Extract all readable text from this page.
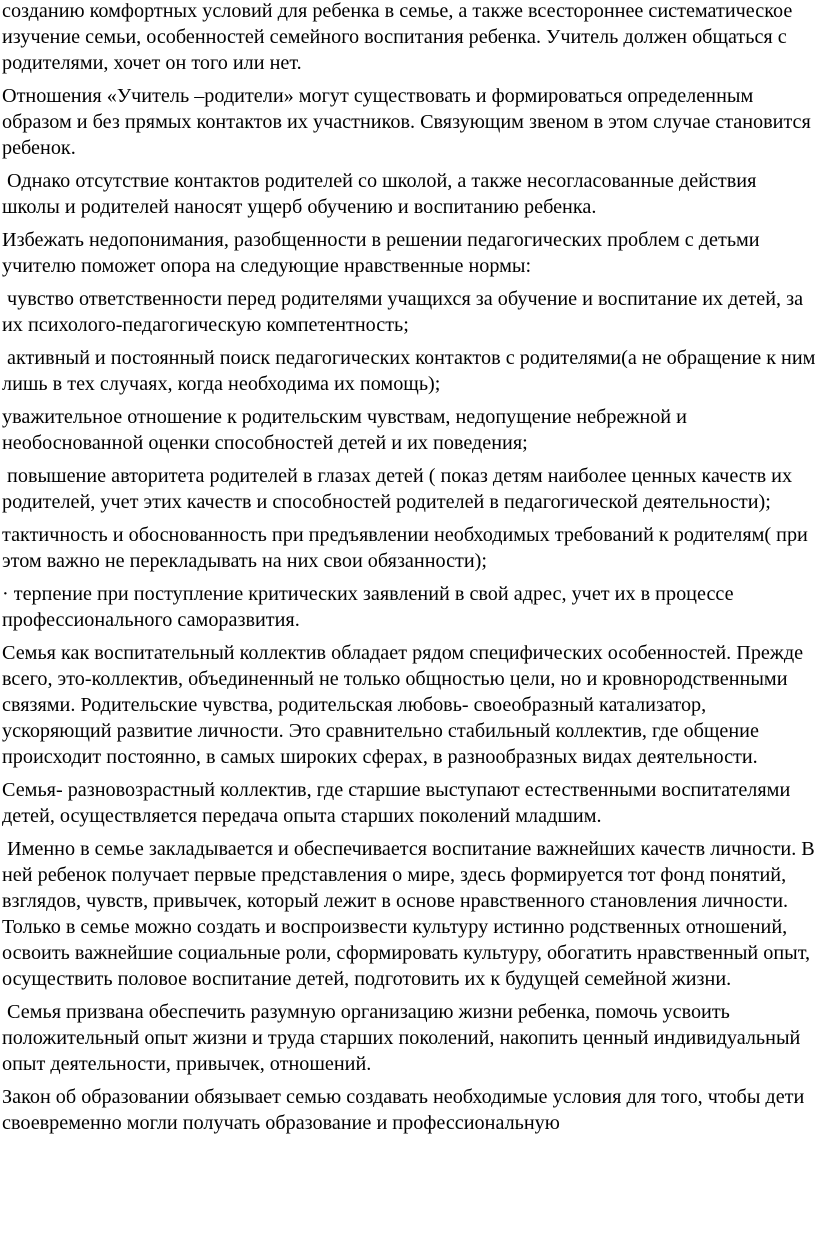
созданию комфортных условий для ребенка в семье, а также всестороннее систематическое изучение семьи, особенностей семейного воспитания ребенка. Учитель должен общаться с родителями, хочет он того или нет.

Отношения «Учитель –родители» могут существовать и формироваться определенным образом и без прямых контактов их участников. Связующим звеном в этом случае становится ребенок.

Однако отсутствие контактов родителей со школой, а также несогласованные действия школы и родителей наносят ущерб обучению и воспитанию ребенка.

Избежать недопонимания, разобщенности в решении педагогических проблем с детьми учителю поможет опора на следующие нравственные нормы:

чувство ответственности перед родителями учащихся за обучение и воспитание их детей, за их психолого-педагогическую компетентность;

активный и постоянный поиск педагогических контактов с родителями(а не обращение к ним лишь в тех случаях, когда необходима их помощь);

уважительное отношение к родительским чувствам, недопущение небрежной и необоснованной оценки способностей детей и их поведения;

повышение авторитета родителей в глазах детей ( показ детям наиболее ценных качеств их родителей, учет этих качеств и способностей родителей в педагогической деятельности);

тактичность и обоснованность при предъявлении необходимых требований к родителям( при этом важно не перекладывать на них свои обязанности);

· терпение при поступление критических заявлений в свой адрес, учет их в процессе профессионального саморазвития.

Семья как воспитательный коллектив обладает рядом специфических особенностей. Прежде всего, это-коллектив, объединенный не только общностью цели, но и кровнородственными связями. Родительские чувства, родительская любовь- своеобразный катализатор, ускоряющий развитие личности. Это сравнительно стабильный коллектив, где общение происходит постоянно, в самых широких сферах, в разнообразных видах деятельности.

Семья- разновозрастный коллектив, где старшие выступают естественными воспитателями детей, осуществляется передача опыта старших поколений младшим.

Именно в семье закладывается и обеспечивается воспитание важнейших качеств личности. В ней ребенок получает первые представления о мире, здесь формируется тот фонд понятий, взглядов, чувств, привычек, который лежит в основе нравственного становления личности. Только в семье можно создать и воспроизвести культуру истинно родственных отношений, освоить важнейшие социальные роли, сформировать культуру, обогатить нравственный опыт, осуществить половое воспитание детей, подготовить их к будущей семейной жизни.

Семья призвана обеспечить разумную организацию жизни ребенка, помочь усвоить положительный опыт жизни и труда старших поколений, накопить ценный индивидуальный опыт деятельности, привычек, отношений.

Закон об образовании обязывает семью создавать необходимые условия для того, чтобы дети своевременно могли получать образование и профессиональную
